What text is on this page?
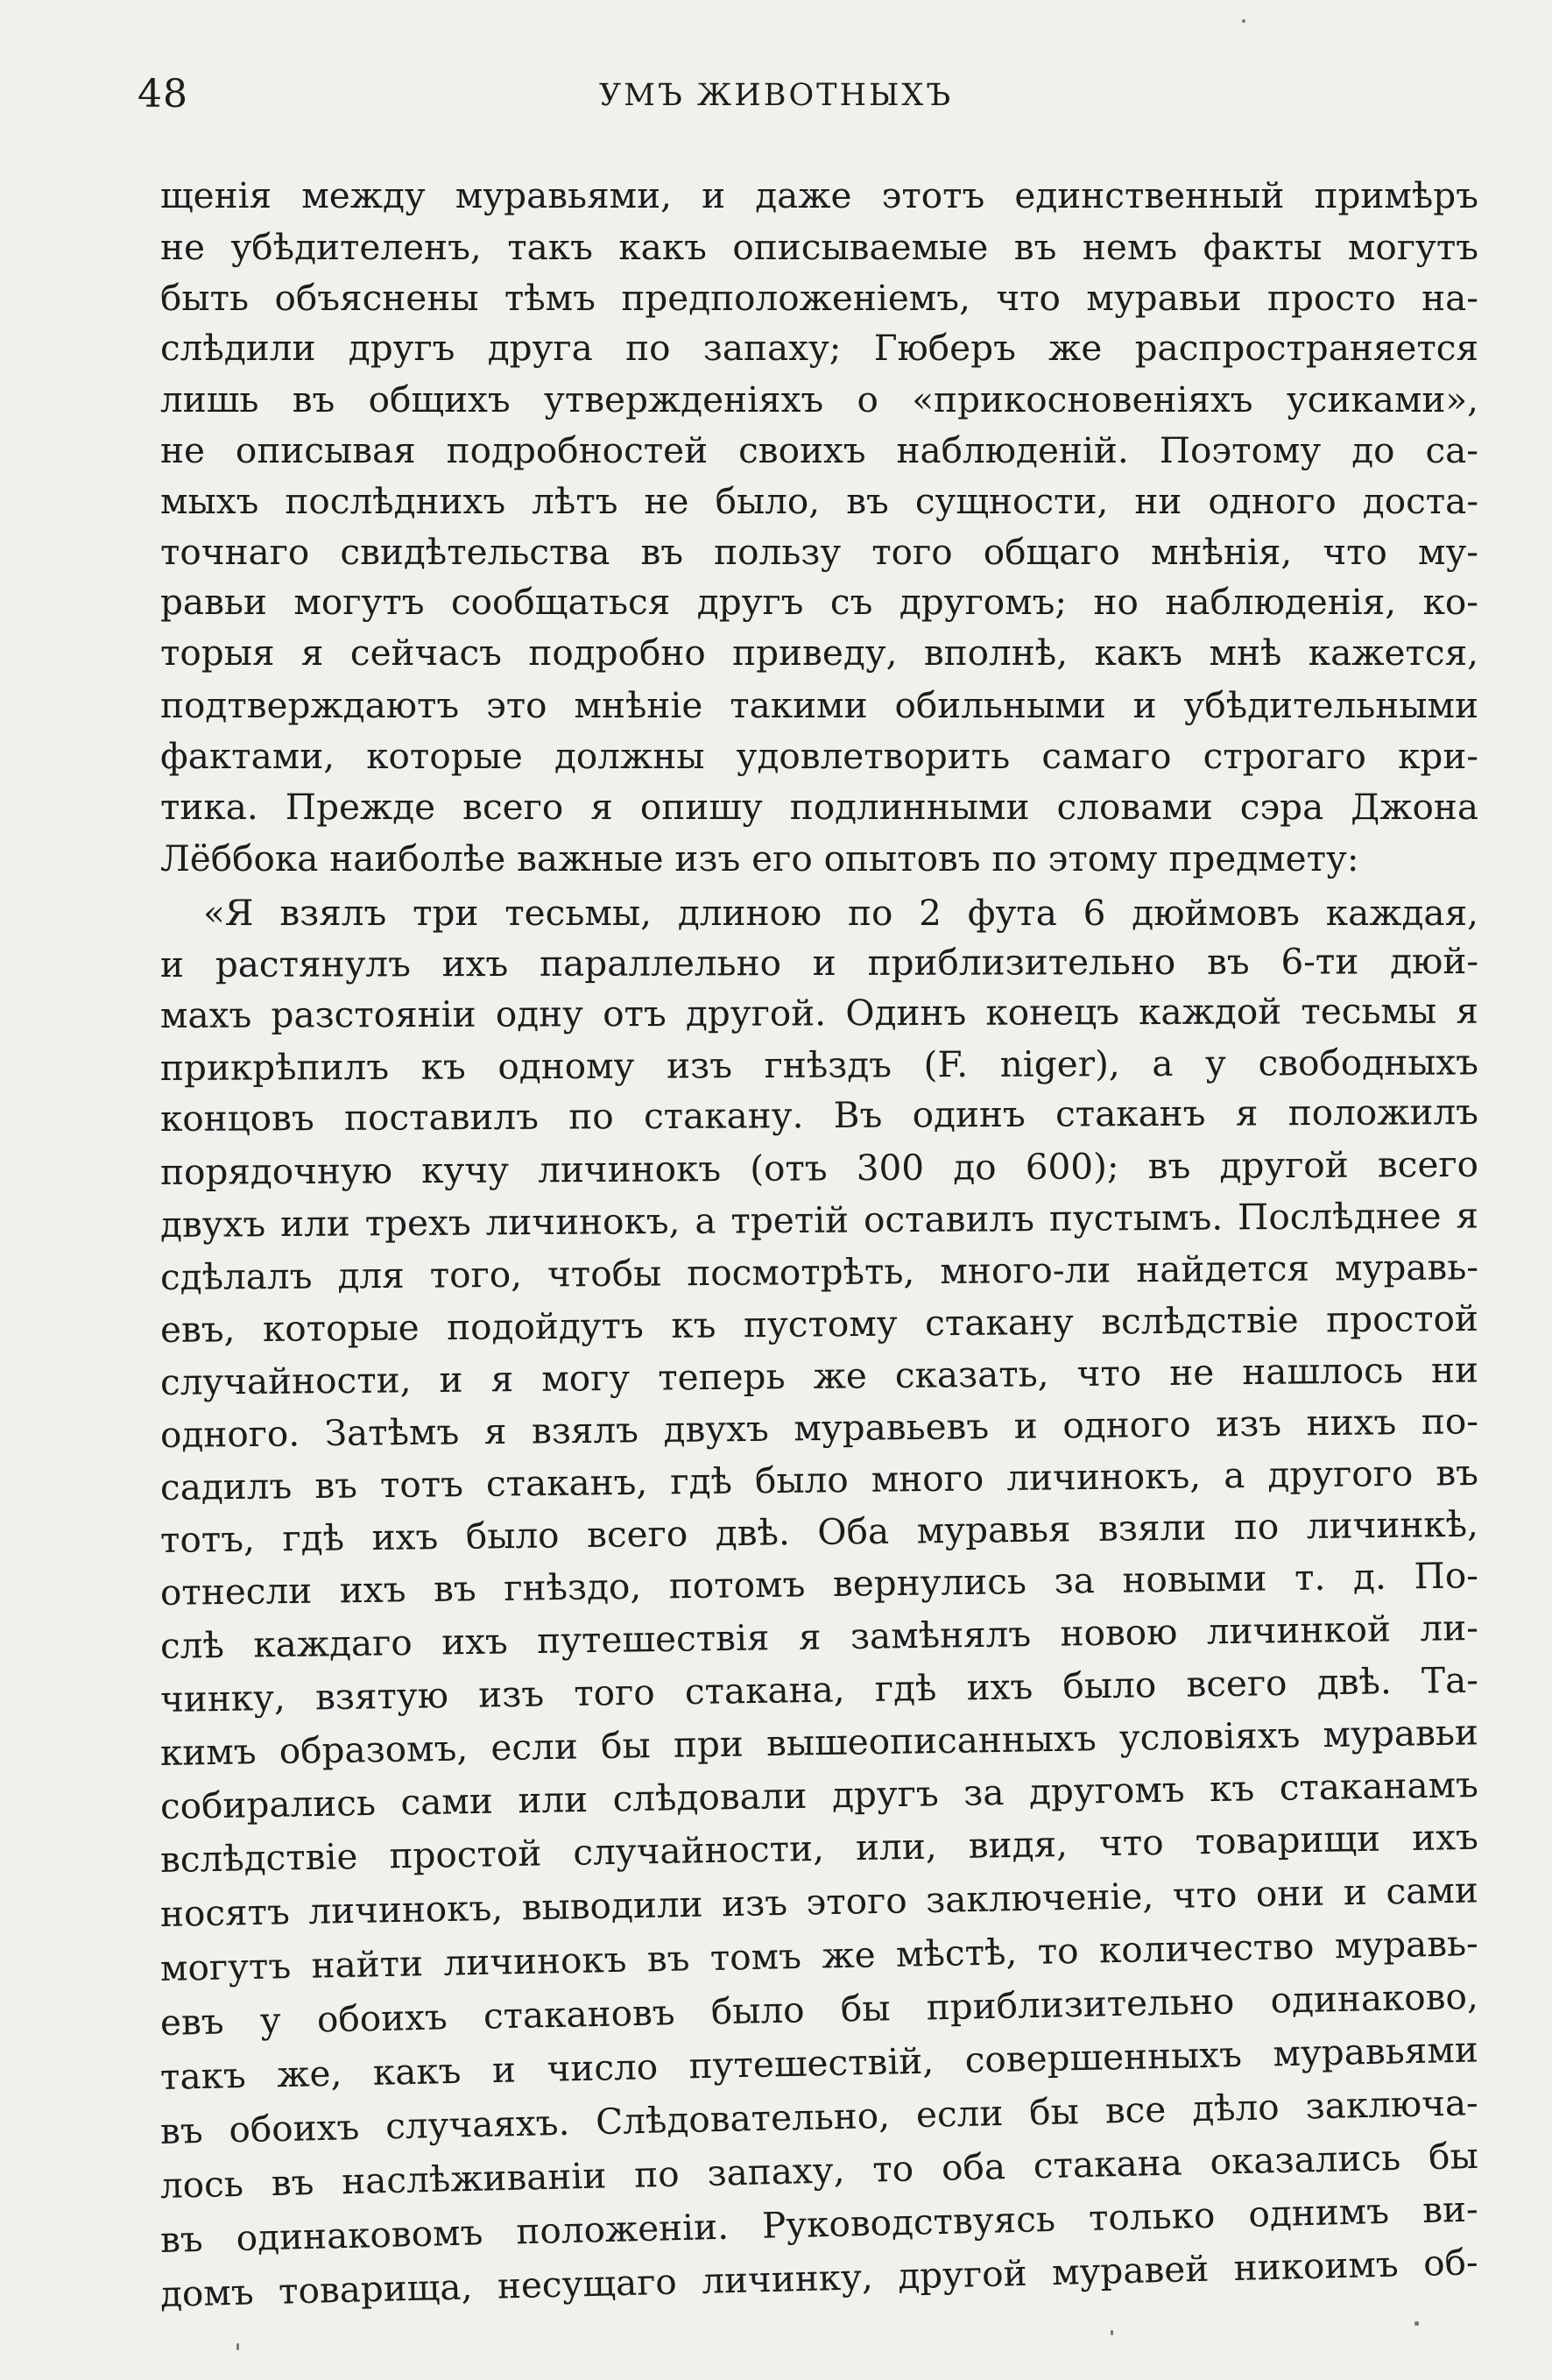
48	УМЪ ЖИВОТНЫХЪ
щенія между муравьями, и даже этотъ единственный примѣръ
не убѣдителенъ, такъ какъ описываемые въ немъ факты могутъ
быть объяснены тѣмъ предположеніемъ, что муравьи просто на-
слѣдили другъ друга по запаху; Гюберъ же распространяется
лишь въ общихъ утвержденіяхъ о «прикосновеніяхъ усиками»,
не описывая подробностей своихъ наблюденій. Поэтому до са-
мыхъ послѣднихъ лѣтъ не было, въ сущности, ни одного доста-
точнаго свидѣтельства въ пользу того общаго мнѣнія, что му-
равьи могутъ сообщаться другъ съ другомъ; но наблюденія, ко-
торыя я сейчасъ подробно приведу, вполнѣ, какъ мнѣ кажется,
подтверждаютъ это мнѣніе такими обильными и убѣдительными
фактами, которые должны удовлетворить самаго строгаго кри-
тика. Прежде всего я опишу подлинными словами сэра Джона
Лёббока наиболѣе важные изъ его опытовъ по этому предмету:
«Я взялъ три тесьмы, длиною по 2 фута 6 дюймовъ каждая,
и растянулъ ихъ параллельно и приблизительно въ 6-ти дюй-
махъ разстояніи одну отъ другой. Одинъ конецъ каждой тесьмы я
прикрѣпилъ къ одному изъ гнѣздъ (F. niger), а у свободныхъ
концовъ поставилъ по стакану. Въ одинъ стаканъ я положилъ
порядочную кучу личинокъ (отъ 300 до 600); въ другой всего
двухъ или трехъ личинокъ, а третій оставилъ пустымъ. Послѣднее я
сдѣлалъ для того, чтобы посмотрѣть, много-ли найдется муравь-
евъ, которые подойдутъ къ пустому стакану вслѣдствіе простой
случайности, и я могу теперь же сказать, что не нашлось ни
одного. Затѣмъ я взялъ двухъ муравьевъ и одного изъ нихъ по-
садилъ въ тотъ стаканъ, гдѣ было много личинокъ, а другого въ
тотъ, гдѣ ихъ было всего двѣ. Оба муравья взяли по личинкѣ,
отнесли ихъ въ гнѣздо, потомъ вернулись за новыми т. д. По-
слѣ каждаго ихъ путешествія я замѣнялъ новою личинкой ли-
чинку, взятую изъ того стакана, гдѣ ихъ было всего двѣ. Та-
кимъ образомъ, если бы при вышеописанныхъ условіяхъ муравьи
собирались сами или слѣдовали другъ за другомъ къ стаканамъ
вслѣдствіе простой случайности, или, видя, что товарищи ихъ
носятъ личинокъ, выводили изъ этого заключеніе, что они и сами
могутъ найти личинокъ въ томъ же мѣстѣ, то количество муравь-
евъ у обоихъ стакановъ было бы приблизительно одинаково,
такъ же, какъ и число путешествій, совершенныхъ муравьями
въ обоихъ случаяхъ. Слѣдовательно, если бы все дѣло заключа-
лось въ наслѣживаніи по запаху, то оба стакана оказались бы
въ одинаковомъ положеніи. Руководствуясь только однимъ ви-
домъ товарища, несущаго личинку, другой муравей никоимъ об-
